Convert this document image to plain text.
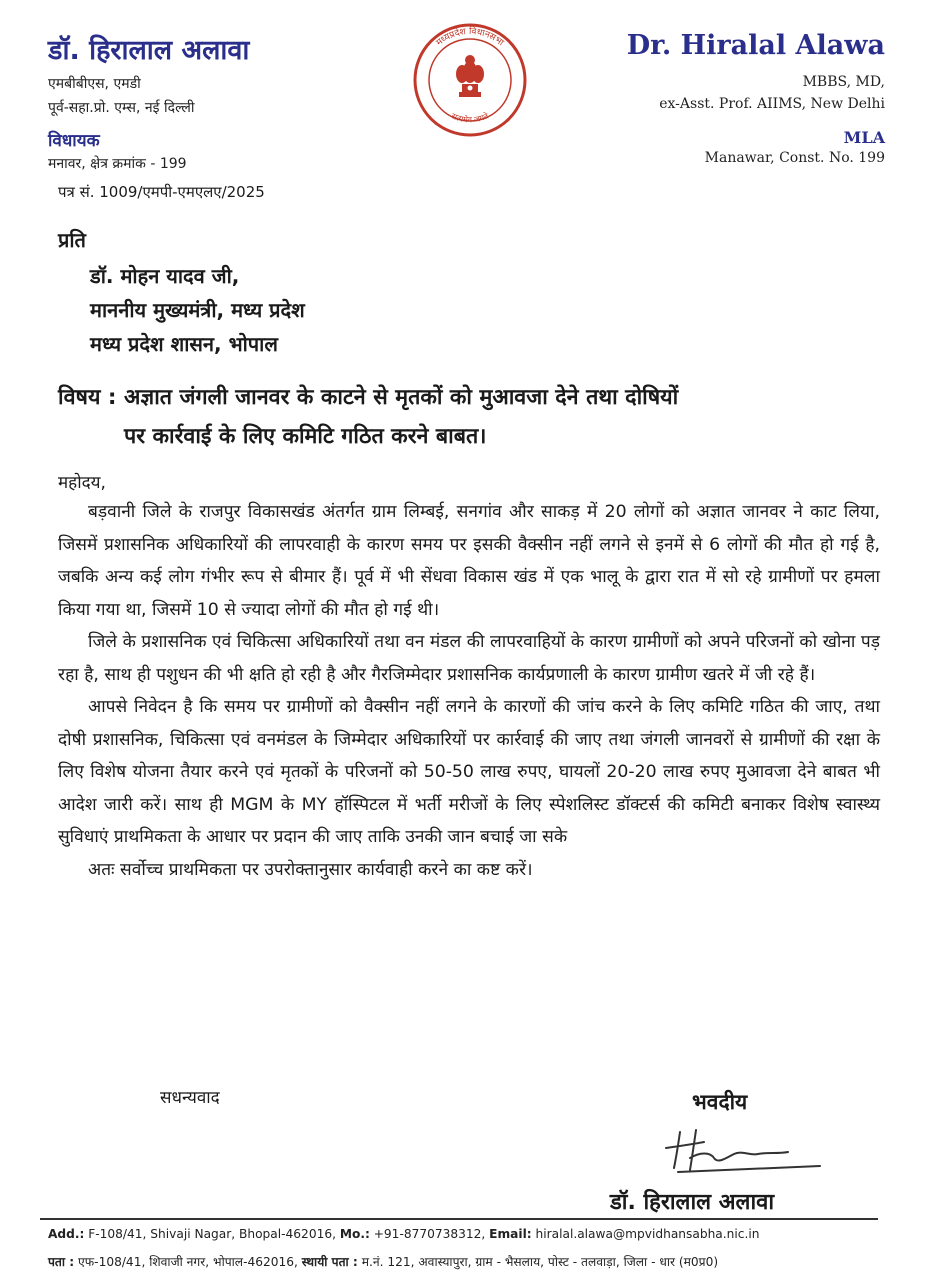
डॉ. हिरालाल अलावा
एमबीबीएस, एमडी
पूर्व-सहा.प्रो. एम्स, नई दिल्ली
विधायक
मनावर, क्षेत्र क्रमांक - 199
मध्यप्रदेश विधानसभा
सत्यमेव जयते
Dr. Hiralal Alawa
MBBS, MD,
ex-Asst. Prof. AIIMS, New Delhi
MLA
Manawar, Const. No. 199
पत्र सं. 1009/एमपी-एमएलए/2025
प्रति
डॉ. मोहन यादव जी,
माननीय मुख्यमंत्री, मध्य प्रदेश
मध्य प्रदेश शासन, भोपाल
विषय : अज्ञात जंगली जानवर के काटने से मृतकों को मुआवजा देने तथा दोषियों
पर कार्रवाई के लिए कमिटि गठित करने बाबत।
महोदय,

बड़वानी जिले के राजपुर विकासखंड अंतर्गत ग्राम लिम्बई, सनगांव और साकड़ में 20 लोगों को अज्ञात जानवर ने काट लिया, जिसमें प्रशासनिक अधिकारियों की लापरवाही के कारण समय पर इसकी वैक्सीन नहीं लगने से इनमें से 6 लोगों की मौत हो गई है, जबकि अन्य कई लोग गंभीर रूप से बीमार हैं। पूर्व में भी सेंधवा विकास खंड में एक भालू के द्वारा रात में सो रहे ग्रामीणों पर हमला किया गया था, जिसमें 10 से ज्यादा लोगों की मौत हो गई थी।

जिले के प्रशासनिक एवं चिकित्सा अधिकारियों तथा वन मंडल की लापरवाहियों के कारण ग्रामीणों को अपने परिजनों को खोना पड़ रहा है, साथ ही पशुधन की भी क्षति हो रही है और गैरजिम्मेदार प्रशासनिक कार्यप्रणाली के कारण ग्रामीण खतरे में जी रहे हैं।

आपसे निवेदन है कि समय पर ग्रामीणों को वैक्सीन नहीं लगने के कारणों की जांच करने के लिए कमिटि गठित की जाए, तथा दोषी प्रशासनिक, चिकित्सा एवं वनमंडल के जिम्मेदार अधिकारियों पर कार्रवाई की जाए तथा जंगली जानवरों से ग्रामीणों की रक्षा के लिए विशेष योजना तैयार करने एवं मृतकों के परिजनों को 50-50 लाख रुपए, घायलों 20-20 लाख रुपए मुआवजा देने बाबत भी आदेश जारी करें। साथ ही MGM के MY हॉस्पिटल में भर्ती मरीजों के लिए स्पेशलिस्ट डॉक्टर्स की कमिटी बनाकर विशेष स्वास्थ्य सुविधाएं प्राथमिकता के आधार पर प्रदान की जाए ताकि उनकी जान बचाई जा सके

अतः सर्वोच्च प्राथमिकता पर उपरोक्तानुसार कार्यवाही करने का कष्ट करें।

सधन्यवाद	भवदीय
डॉ. हिरालाल अलावा
Add.: F-108/41, Shivaji Nagar, Bhopal-462016, Mo.: +91-8770738312, Email: hiralal.alawa@mpvidhansabha.nic.in
पता : एफ-108/41, शिवाजी नगर, भोपाल-462016, स्थायी पता : म.नं. 121, अवास्यापुरा, ग्राम - भैसलाय, पोस्ट - तलवाड़ा, जिला - धार (म0प्र0)
